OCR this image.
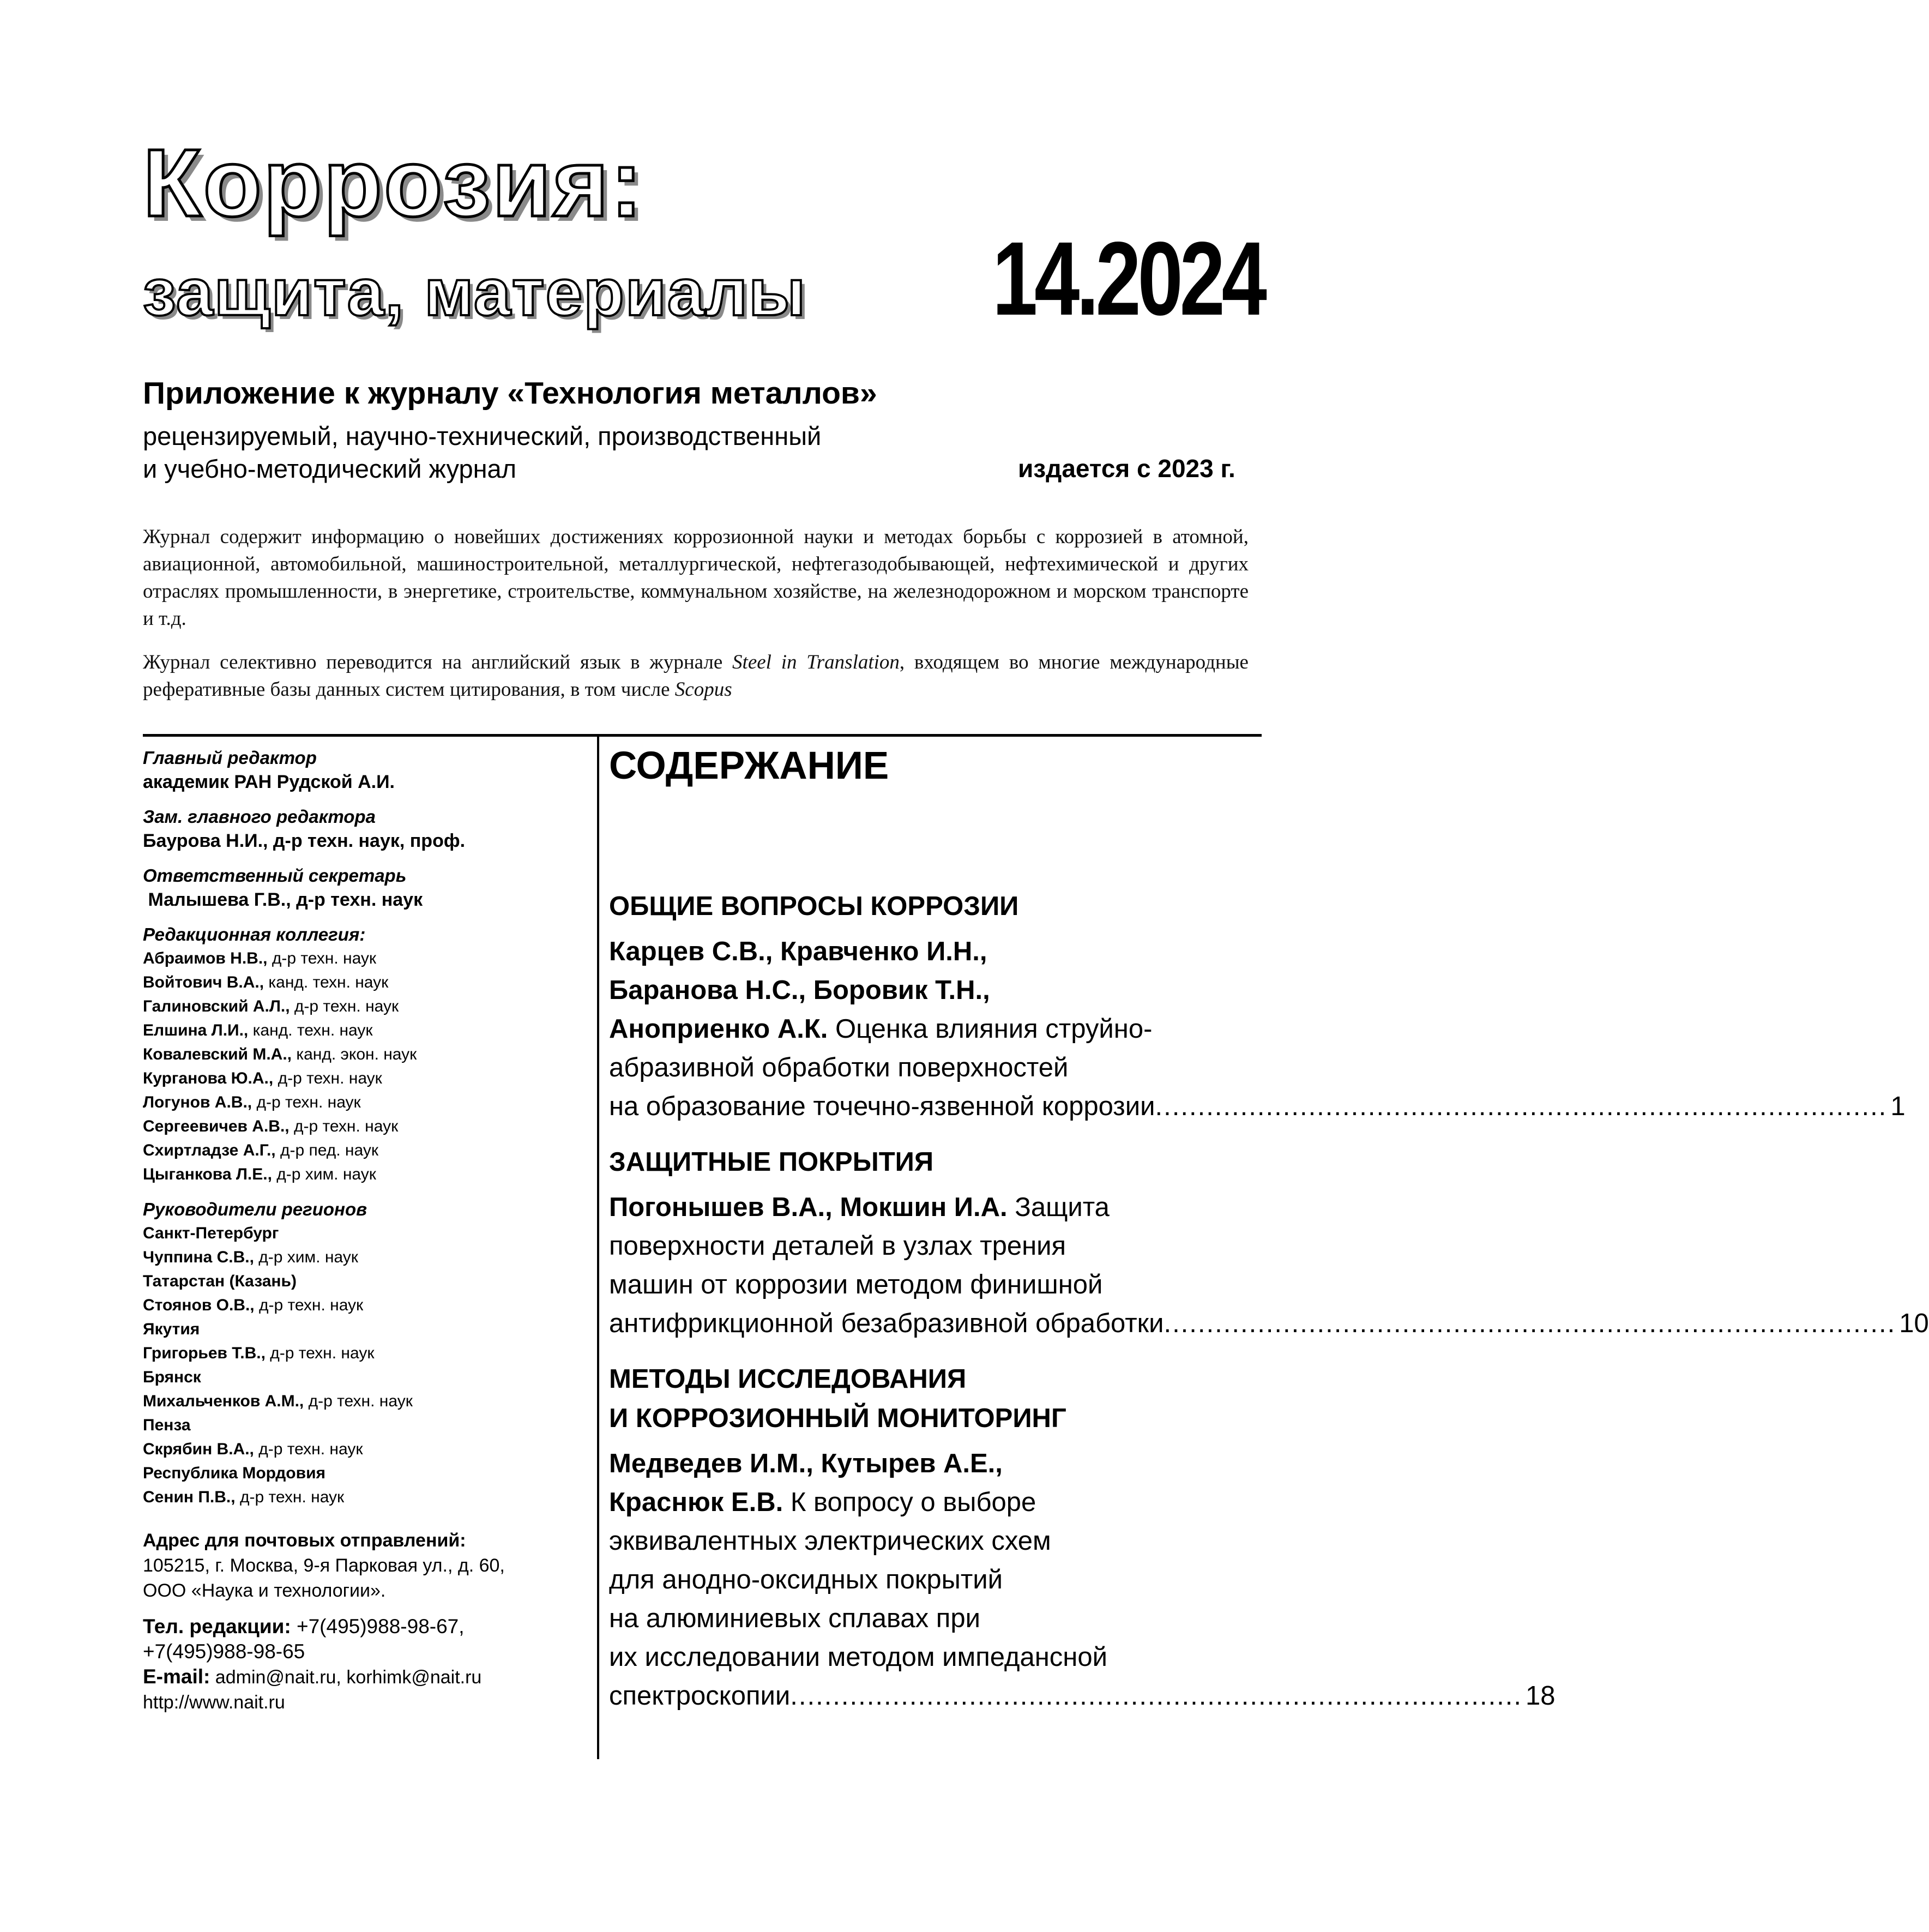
Коррозия:
защита, материалы 14.2024
Приложение к журналу «Технология металлов»
рецензируемый, научно-технический, производственный
и учебно-методический журнал	издается с 2023 г.
Журнал содержит информацию о новейших достижениях коррозионной науки и методах борьбы с коррозией в атомной, авиационной, автомобильной, машиностроительной, металлургической, нефтегазодобывающей, нефтехимической и других отраслях промышленности, в энергетике, строительстве, коммунальном хозяйстве, на железнодорожном и морском транспорте и т.д.
Журнал селективно переводится на английский язык в журнале Steel in Translation, входящем во многие международные реферативные базы данных систем цитирования, в том числе Scopus
Главный редактор
академик РАН Рудской А.И.
Зам. главного редактора
Баурова Н.И., д-р техн. наук, проф.
Ответственный секретарь
Малышева Г.В., д-р техн. наук
Редакционная коллегия:
Абраимов Н.В., д-р техн. наук
Войтович В.А., канд. техн. наук
Галиновский А.Л., д-р техн. наук
Елшина Л.И., канд. техн. наук
Ковалевский М.А., канд. экон. наук
Курганова Ю.А., д-р техн. наук
Логунов А.В., д-р техн. наук
Сергеевичев А.В., д-р техн. наук
Схиртладзе А.Г., д-р пед. наук
Цыганкова Л.Е., д-р хим. наук
Руководители регионов
Санкт-Петербург
Чуппина С.В., д-р хим. наук
Татарстан (Казань)
Стоянов О.В., д-р техн. наук
Якутия
Григорьев Т.В., д-р техн. наук
Брянск
Михальченков А.М., д-р техн. наук
Пенза
Скрябин В.А., д-р техн. наук
Республика Мордовия
Сенин П.В., д-р техн. наук
Адрес для почтовых отправлений:
105215, г. Москва, 9-я Парковая ул., д. 60,
ООО «Наука и технологии».
Тел. редакции: +7(495)988-98-67,
+7(495)988-98-65
E-mail: admin@nait.ru, korhimk@nait.ru
http://www.nait.ru
СОДЕРЖАНИЕ
ОБЩИЕ ВОПРОСЫ КОРРОЗИИ
Карцев С.В., Кравченко И.Н.,
Баранова Н.С., Боровик Т.Н.,
Аноприенко А.К. Оценка влияния струйно-
абразивной обработки поверхностей
на образование точечно-язвенной коррозии ...................................................................................... 1
ЗАЩИТНЫЕ ПОКРЫТИЯ
Погонышев В.А., Мокшин И.А. Защита
поверхности деталей в узлах трения
машин от коррозии методом финишной
антифрикционной безабразивной обработки ...................................................................................... 10
МЕТОДЫ ИССЛЕДОВАНИЯ
И КОРРОЗИОННЫЙ МОНИТОРИНГ
Медведев И.М., Кутырев А.Е.,
Краснюк Е.В. К вопросу о выборе
эквивалентных электрических схем
для анодно-оксидных покрытий
на алюминиевых сплавах при
их исследовании методом импедансной
спектроскопии ...................................................................................... 18
